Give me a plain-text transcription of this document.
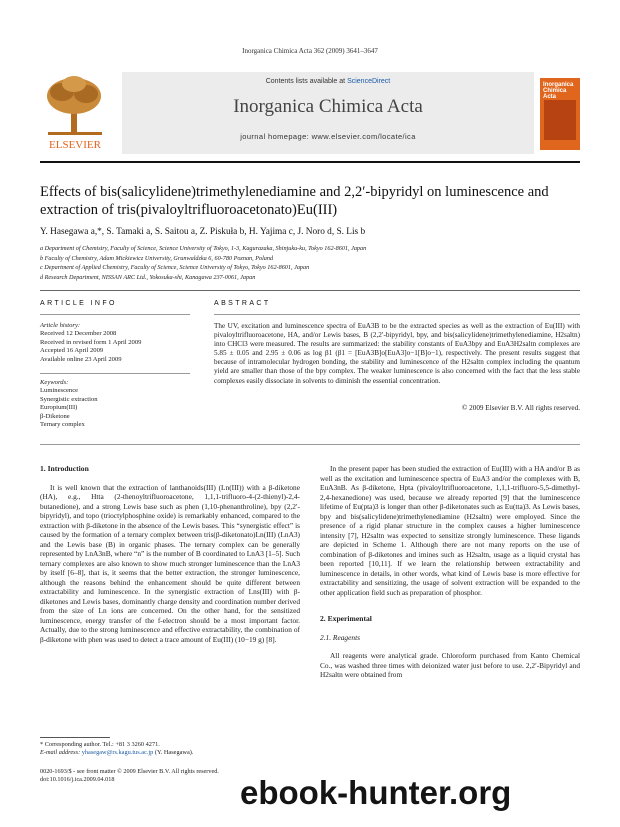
Inorganica Chimica Acta 362 (2009) 3641–3647
ELSEVIER
Contents lists available at ScienceDirect
Inorganica Chimica Acta
journal homepage: www.elsevier.com/locate/ica
Inorganica Chimica Acta
Effects of bis(salicylidene)trimethylenediamine and 2,2′-bipyridyl on luminescence and extraction of tris(pivaloyltrifluoroacetonato)Eu(III)
Y. Hasegawa a,*, S. Tamaki a, S. Saitou a, Z. Piskuła b, H. Yajima c, J. Noro d, S. Lis b
a Department of Chemistry, Faculty of Science, Science University of Tokyo, 1-3, Kagurazaka, Shinjuku-ku, Tokyo 162-8601, Japan
b Faculty of Chemistry, Adam Mickiewicz University, Grunwaldzka 6, 60-780 Poznan, Poland
c Department of Applied Chemistry, Faculty of Science, Science University of Tokyo, Tokyo 162-8601, Japan
d Research Department, NISSAN ARC Ltd., Yokosuka-shi, Kanagawa 237-0061, Japan
ARTICLE INFO	ABSTRACT
Article history:
Received 12 December 2008
Received in revised form 1 April 2009
Accepted 16 April 2009
Available online 23 April 2009
Keywords:
Luminescence
Synergistic extraction
Europium(III)
β-Diketone
Ternary complex
The UV, excitation and luminescence spectra of EuA3B to be the extracted species as well as the extraction of Eu(III) with pivaloyltrifluoroacetone, HA, and/or Lewis bases, B (2,2′-bipyridyl, bpy, and bis(salicylidene)trimethylenediamine, H2saltn) into CHCl3 were measured. The results are summarized: the stability constants of EuA3bpy and EuA3H2saltn complexes are 5.85 ± 0.05 and 2.95 ± 0.06 as log β1 (β1 = [EuA3B]o[EuA3]o−1[B]o−1), respectively. The present results suggest that because of intramolecular hydrogen bonding, the stability and luminescence of the H2saltn complex including the quantum yield are smaller than those of the bpy complex. The weaker luminescence is also concerned with the fact that the less stable complexes easily dissociate in solvents to diminish the essential concentration.
© 2009 Elsevier B.V. All rights reserved.
1. Introduction

It is well known that the extraction of lanthanoids(III) (Ln(III)) with a β-diketone (HA), e.g., Htta (2-thenoyltrifluoroacetone, 1,1,1-trifluoro-4-(2-thienyl)-2,4-butanedione), and a strong Lewis base such as phen (1,10-phenanthroline), bpy (2,2′-bipyridyl), and topo (trioctylphosphine oxide) is remarkably enhanced, compared to the extraction with β-diketone in the absence of the Lewis bases. This “synergistic effect” is caused by the formation of a ternary complex between tris(β-diketonato)Ln(III) (LnA3) and the Lewis base (B) in organic phases. The ternary complex can be generally represented by LnA3nB, where “n” is the number of B coordinated to LnA3 [1–5]. Such ternary complexes are also known to show much stronger luminescence than the LnA3 by itself [6–8], that is, it seems that the better extraction, the stronger luminescence, although the reasons behind the enhancement should be quite different between extractability and luminescence. In the synergistic extraction of Lns(III) with β-diketones and Lewis bases, dominantly charge density and coordination number derived from the size of Ln ions are concerned. On the other hand, for the sensitized luminescence, energy transfer of the f-electron should be a most important factor. Actually, due to the strong luminescence and effective extractability, the combination of β-diketone with phen was used to detect a trace amount of Eu(III) (10−19 g) [8].

In the present paper has been studied the extraction of Eu(III) with a HA and/or B as well as the excitation and luminescence spectra of EuA3 and/or the complexes with B, EuA3nB. As β-diketone, Hpta (pivaloyltrifluoroacetone, 1,1,1-trifluoro-5,5-dimethyl-2,4-hexanedione) was used, because we already reported [9] that the luminescence lifetime of Eu(pta)3 is longer than other β-diketonates such as Eu(tta)3. As Lewis bases, bpy and bis(salicylidene)trimethylenediamine (H2saltn) were employed. Since the presence of a rigid planar structure in the complex causes a higher luminescence intensity [7], H2saltn was expected to sensitize strongly luminescence. These ligands are depicted in Scheme 1. Although there are not many reports on the use of combination of β-diketones and imines such as H2saltn, usage as a liquid crystal has been reported [10,11]. If we learn the relationship between extractability and luminescence in details, in other words, what kind of Lewis base is more effective for extractability and sensitizing, the usage of solvent extraction will be expanded to the other application field such as preparation of phosphor.

2. Experimental
2.1. Reagents

All reagents were analytical grade. Chloroform purchased from Kanto Chemical Co., was washed three times with deionized water just before to use. 2,2′-Bipyridyl and H2saltn were obtained from

* Corresponding author. Tel.: +81 3 3260 4271.
E-mail address: yhasegaw@rs.kagu.tus.ac.jp (Y. Hasegawa).
0020-1693/$ - see front matter © 2009 Elsevier B.V. All rights reserved.
doi:10.1016/j.ica.2009.04.018	ebook-hunter.org
